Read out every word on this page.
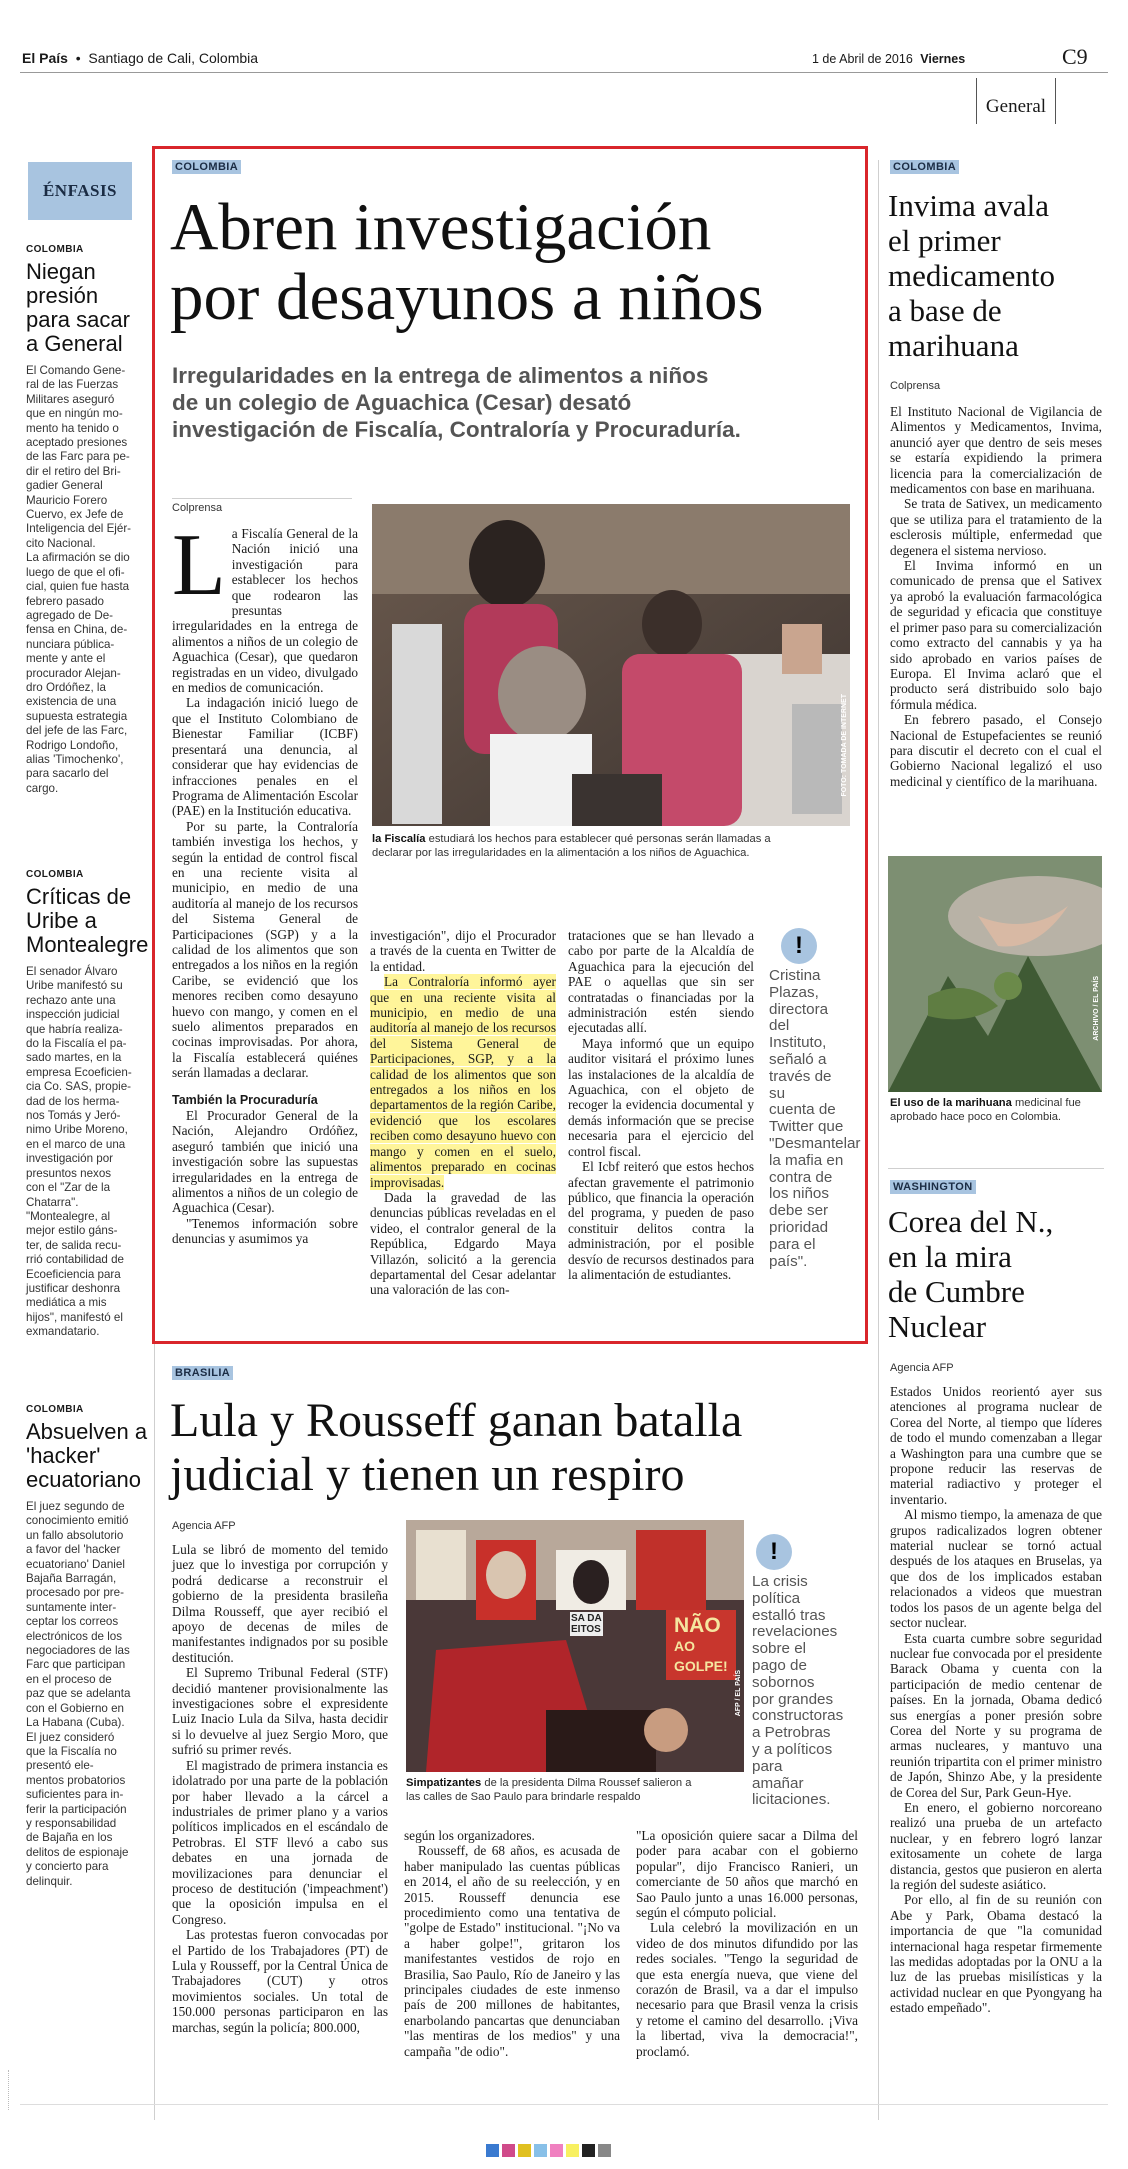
El País  •  Santiago de Cali, Colombia	1 de Abril de 2016 Viernes	C9
General
ÉNFASIS
COLOMBIA
Niegan presión para sacar a General
El Comando Gene-
ral de las Fuerzas
Militares aseguró
que en ningún mo-
mento ha tenido o
aceptado presiones
de las Farc para pe-
dir el retiro del Bri-
gadier General
Mauricio Forero
Cuervo, ex Jefe de
Inteligencia del Ejér-
cito Nacional.
La afirmación se dio
luego de que el ofi-
cial, quien fue hasta
febrero pasado
agregado de De-
fensa en China, de-
nunciara pública-
mente y ante el
procurador Alejan-
dro Ordóñez, la
existencia de una
supuesta estrategia
del jefe de las Farc,
Rodrigo Londoño,
alias 'Timochenko',
para sacarlo del
cargo.
COLOMBIA
Críticas de Uribe a Montealegre
El senador Álvaro
Uribe manifestó su
rechazo ante una
inspección judicial
que habría realiza-
do la Fiscalía el pa-
sado martes, en la
empresa Ecoeficien-
cia Co. SAS, propie-
dad de los herma-
nos Tomás y Jeró-
nimo Uribe Moreno,
en el marco de una
investigación por
presuntos nexos
con el "Zar de la
Chatarra".
"Montealegre, al
mejor estilo gáns-
ter, de salida recu-
rrió contabilidad de
Ecoeficiencia para
justificar deshonra
mediática a mis
hijos", manifestó el
exmandatario.
COLOMBIA
Absuelven a 'hacker' ecuatoriano
El juez segundo de
conocimiento emitió
un fallo absolutorio
a favor del 'hacker
ecuatoriano' Daniel
Bajaña Barragán,
procesado por pre-
suntamente inter-
ceptar los correos
electrónicos de los
negociadores de las
Farc que participan
en el proceso de
paz que se adelanta
con el Gobierno en
La Habana (Cuba).
El juez consideró
que la Fiscalía no
presentó ele-
mentos probatorios
suficientes para in-
ferir la participación
y responsabilidad
de Bajaña en los
delitos de espionaje
y concierto para
delinquir.
COLOMBIA
Abren investigación
por desayunos a niños
Irregularidades en la entrega de alimentos a niños
de un colegio de Aguachica (Cesar) desató
investigación de Fiscalía, Contraloría y Procuraduría.
Colprensa
L a Fiscalía General de la Nación inició una investigación para establecer los hechos que rodearon las presuntas irregularidades en la entrega de alimentos a niños de un colegio de Aguachica (Cesar), que quedaron registradas en un video, divulgado en medios de comunicación.

La indagación inició luego de que el Instituto Colombiano de Bienestar Familiar (ICBF) presentará una denuncia, al considerar que hay evidencias de infracciones penales en el Programa de Alimentación Escolar (PAE) en la Institución educativa.

Por su parte, la Contraloría también investiga los hechos, y según la entidad de control fiscal en una reciente visita al municipio, en medio de una auditoría al manejo de los recursos del Sistema General de Participaciones (SGP) y a la calidad de los alimentos que son entregados a los niños en la región Caribe, se evidenció que los menores reciben como desayuno huevo con mango, y comen en el suelo alimentos preparados en cocinas improvisadas. Por ahora, la Fiscalía establecerá quiénes serán llamadas a declarar.

También la Procuraduría

El Procurador General de la Nación, Alejandro Ordóñez, aseguró también que inició una investigación sobre las supuestas irregularidades en la entrega de alimentos a niños de un colegio de Aguachica (Cesar).

"Tenemos información sobre denuncias y asumimos ya

FOTO: TOMADA DE INTERNET
la Fiscalía estudiará los hechos para establecer qué personas serán llamadas a
declarar por las irregularidades en la alimentación a los niños de Aguachica.

investigación", dijo el Procurador a través de la cuenta en Twitter de la entidad.

La Contraloría informó ayer que en una reciente visita al municipio, en medio de una auditoría al manejo de los recursos del Sistema General de Participaciones, SGP, y a la calidad de los alimentos que son entregados a los niños en los departamentos de la región Caribe, evidenció que los escolares reciben como desayuno huevo con mango y comen en el suelo, alimentos preparado en cocinas improvisadas.

Dada la gravedad de las denuncias públicas reveladas en el video, el contralor general de la República, Edgardo Maya Villazón, solicitó a la gerencia departamental del Cesar adelantar una valoración de las con-

trataciones que se han llevado a cabo por parte de la Alcaldía de Aguachica para la ejecución del PAE o aquellas que sin ser contratadas o financiadas por la administración estén siendo ejecutadas allí.

Maya informó que un equipo auditor visitará el próximo lunes las instalaciones de la alcaldía de Aguachica, con el objeto de recoger la evidencia documental y demás información que se precise necesaria para el ejercicio del control fiscal.

El Icbf reiteró que estos hechos afectan gravemente el patrimonio público, que financia la operación del programa, y pueden de paso constituir delitos contra la administración, por el posible desvío de recursos destinados para la alimentación de estudiantes.

!
Cristina
Plazas,
directora del
Instituto,
señaló a
través de su
cuenta de
Twitter que
"Desmantelar
la mafia en
contra de
los niños
debe ser
prioridad
para el país".
COLOMBIA
Invima avala
el primer
medicamento
a base de
marihuana
Colprensa

El Instituto Nacional de Vigilancia de Alimentos y Medicamentos, Invima, anunció ayer que dentro de seis meses se estaría expidiendo la primera licencia para la comercialización de medicamentos con base en marihuana.

Se trata de Sativex, un medicamento que se utiliza para el tratamiento de la esclerosis múltiple, enfermedad que degenera el sistema nervioso.

El Invima informó en un comunicado de prensa que el Sativex ya aprobó la evaluación farmacológica de seguridad y eficacia que constituye el primer paso para su comercialización como extracto del cannabis y ya ha sido aprobado en varios países de Europa. El Invima aclaró que el producto será distribuido solo bajo fórmula médica.

En febrero pasado, el Consejo Nacional de Estupefacientes se reunió para discutir el decreto con el cual el Gobierno Nacional legalizó el uso medicinal y científico de la marihuana.

ARCHIVO / EL PAÍS
El uso de la marihuana medicinal fue
aprobado hace poco en Colombia.
WASHINGTON
Corea del N.,
en la mira
de Cumbre
Nuclear
Agencia AFP

Estados Unidos reorientó ayer sus atenciones al programa nuclear de Corea del Norte, al tiempo que líderes de todo el mundo comenzaban a llegar a Washington para una cumbre que se propone reducir las reservas de material radiactivo y proteger el inventario.

Al mismo tiempo, la amenaza de que grupos radicalizados logren obtener material nuclear se tornó actual después de los ataques en Bruselas, ya que dos de los implicados estaban relacionados a videos que muestran todos los pasos de un agente belga del sector nuclear.

Esta cuarta cumbre sobre seguridad nuclear fue convocada por el presidente Barack Obama y cuenta con la participación de medio centenar de países. En la jornada, Obama dedicó sus energías a poner presión sobre Corea del Norte y su programa de armas nucleares, y mantuvo una reunión tripartita con el primer ministro de Japón, Shinzo Abe, y la presidente de Corea del Sur, Park Geun-Hye.

En enero, el gobierno norcoreano realizó una prueba de un artefacto nuclear, y en febrero logró lanzar exitosamente un cohete de larga distancia, gestos que pusieron en alerta la región del sudeste asiático.

Por ello, al fin de su reunión con Abe y Park, Obama destacó la importancia de que "la comunidad internacional haga respetar firmemente las medidas adoptadas por la ONU a la luz de las pruebas misilísticas y la actividad nuclear en que Pyongyang ha estado empeñado".

BRASILIA
Lula y Rousseff ganan batalla
judicial y tienen un respiro
Agencia AFP

Lula se libró de momento del temido juez que lo investiga por corrupción y podrá dedicarse a reconstruir el gobierno de la presidenta brasileña Dilma Rousseff, que ayer recibió el apoyo de decenas de miles de manifestantes indignados por su posible destitución.

El Supremo Tribunal Federal (STF) decidió mantener provisionalmente las investigaciones sobre el expresidente Luiz Inacio Lula da Silva, hasta decidir si lo devuelve al juez Sergio Moro, que sufrió su primer revés.

El magistrado de primera instancia es idolatrado por una parte de la población por haber llevado a la cárcel a industriales de primer plano y a varios políticos implicados en el escándalo de Petrobras. El STF llevó a cabo sus debates en una jornada de movilizaciones para denunciar el proceso de destitución ('impeachment') que la oposición impulsa en el Congreso.

Las protestas fueron convocadas por el Partido de los Trabajadores (PT) de Lula y Rousseff, por la Central Única de Trabajadores (CUT) y otros movimientos sociales. Un total de 150.000 personas participaron en las marchas, según la policía; 800.000,

NÃO
AO GOLPE!
SA DA
EITOS
AFP / EL PAÍS
Simpatizantes de la presidenta Dilma Roussef salieron a
las calles de Sao Paulo para brindarle respaldo
!
La crisis
política
estalló tras
revelaciones
sobre el
pago de
sobornos
por grandes
constructoras
a Petrobras
y a políticos
para
amañar
licitaciones.

según los organizadores.

Rousseff, de 68 años, es acusada de haber manipulado las cuentas públicas en 2014, el año de su reelección, y en 2015. Rousseff denuncia ese procedimiento como una tentativa de "golpe de Estado" institucional. "¡No va a haber golpe!", gritaron los manifestantes vestidos de rojo en Brasilia, Sao Paulo, Río de Janeiro y las principales ciudades de este inmenso país de 200 millones de habitantes, enarbolando pancartas que denunciaban "las mentiras de los medios" y una campaña "de odio".

"La oposición quiere sacar a Dilma del poder para acabar con el gobierno popular", dijo Francisco Ranieri, un comerciante de 50 años que marchó en Sao Paulo junto a unas 16.000 personas, según el cómputo policial.

Lula celebró la movilización en un video de dos minutos difundido por las redes sociales. "Tengo la seguridad de que esta energía nueva, que viene del corazón de Brasil, va a dar el impulso necesario para que Brasil venza la crisis y retome el camino del desarrollo. ¡Viva la libertad, viva la democracia!", proclamó.
